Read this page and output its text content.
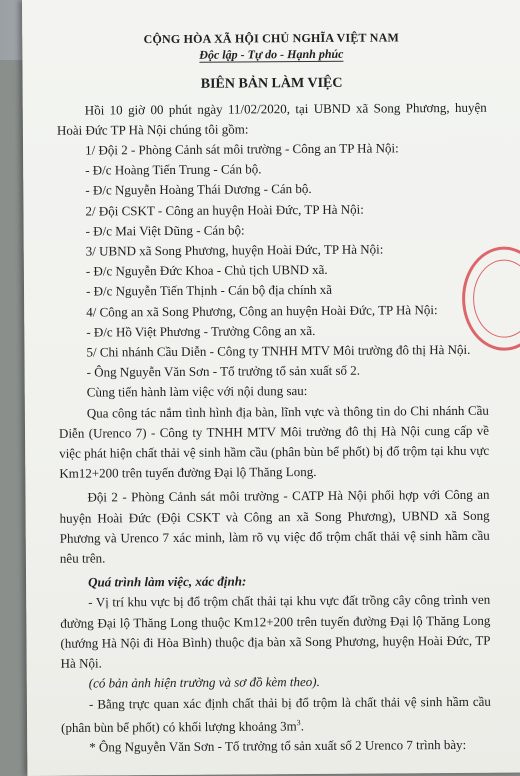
CỘNG HÒA XÃ HỘI CHỦ NGHĨA VIỆT NAM
Độc lập - Tự do - Hạnh phúc
BIÊN BẢN LÀM VIỆC

Hồi 10 giờ 00 phút ngày 11/02/2020, tại UBND xã Song Phương, huyện Hoài Đức TP Hà Nội chúng tôi gồm:

1/ Đội 2 - Phòng Cảnh sát môi trường - Công an TP Hà Nội:

- Đ/c Hoàng Tiến Trung - Cán bộ.

- Đ/c Nguyễn Hoàng Thái Dương - Cán bộ.

2/ Đội CSKT - Công an huyện Hoài Đức, TP Hà Nội:

- Đ/c Mai Việt Dũng - Cán bộ:

3/ UBND xã Song Phương, huyện Hoài Đức, TP Hà Nội:

- Đ/c Nguyễn Đức Khoa - Chủ tịch UBND xã.

- Đ/c Nguyễn Tiến Thịnh - Cán bộ địa chính xã

4/ Công an xã Song Phương, Công an huyện Hoài Đức, TP Hà Nội:

- Đ/c Hồ Việt Phương - Trưởng Công an xã.

5/ Chi nhánh Cầu Diễn - Công ty TNHH MTV Môi trường đô thị Hà Nội.

- Ông Nguyễn Văn Sơn - Tổ trưởng tổ sản xuất số 2.

Cùng tiến hành làm việc với nội dung sau:

Qua công tác nắm tình hình địa bàn, lĩnh vực và thông tin do Chi nhánh Cầu Diễn (Urenco 7) - Công ty TNHH MTV Môi trường đô thị Hà Nội cung cấp về việc phát hiện chất thải vệ sinh hầm cầu (phân bùn bể phốt) bị đổ trộm tại khu vực Km12+200 trên tuyến đường Đại lộ Thăng Long.

Đội 2 - Phòng Cảnh sát môi trường - CATP Hà Nội phối hợp với Công an huyện Hoài Đức (Đội CSKT và Công an xã Song Phương), UBND xã Song Phương và Urenco 7 xác minh, làm rõ vụ việc đổ trộm chất thải vệ sinh hầm cầu nêu trên.

Quá trình làm việc, xác định:

- Vị trí khu vực bị đổ trộm chất thải tại khu vực đất trồng cây công trình ven đường Đại lộ Thăng Long thuộc Km12+200 trên tuyến đường Đại lộ Thăng Long (hướng Hà Nội đi Hòa Bình) thuộc địa bàn xã Song Phương, huyện Hoài Đức, TP Hà Nội.

(có bản ảnh hiện trường và sơ đồ kèm theo).

- Bằng trực quan xác định chất thải bị đổ trộm là chất thải vệ sinh hầm cầu (phân bùn bể phốt) có khối lượng khoảng $3m^3$.

* Ông Nguyễn Văn Sơn - Tổ trưởng tổ sản xuất số 2 Urenco 7 trình bày:
